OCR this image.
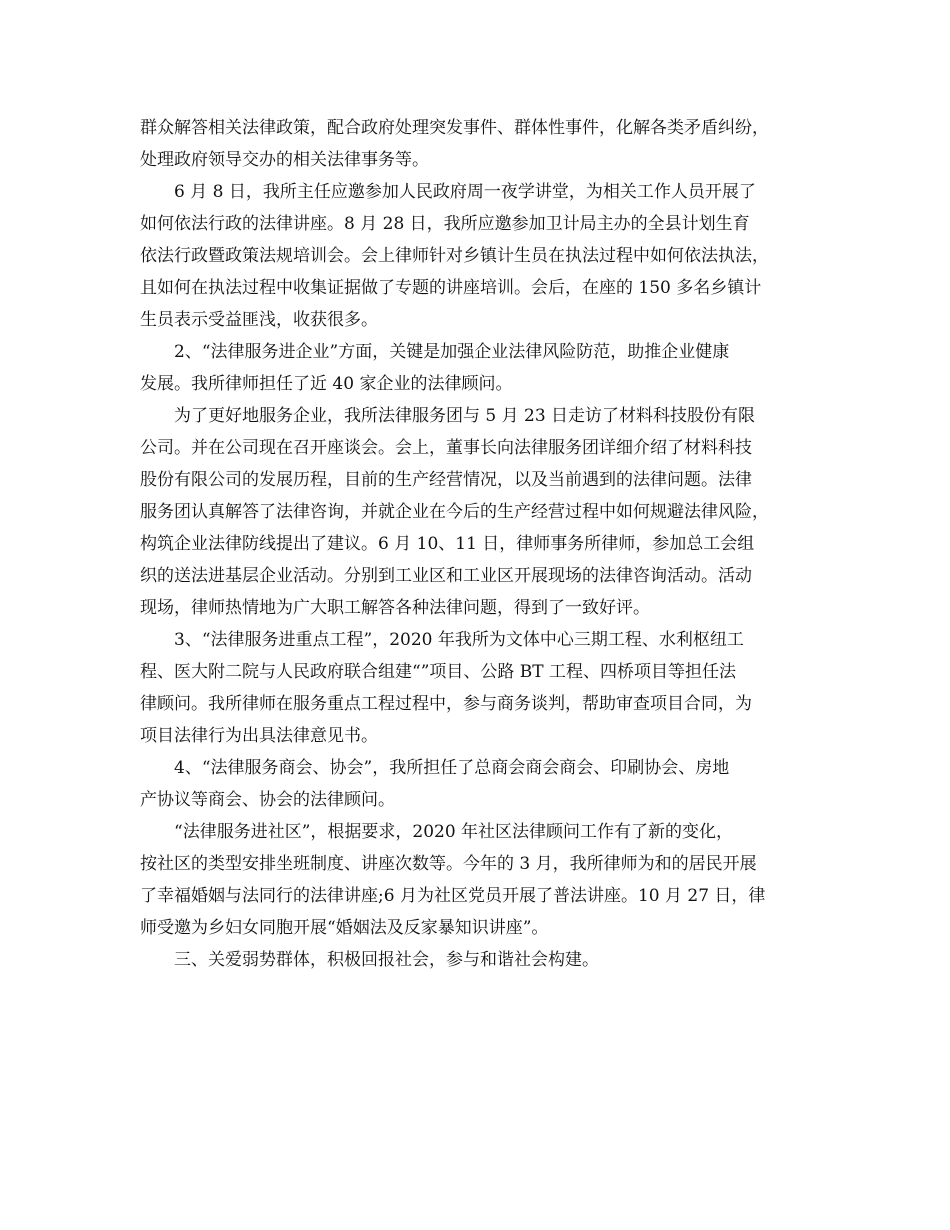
群众解答相关法律政策，配合政府处理突发事件、群体性事件，化解各类矛盾纠纷，
处理政府领导交办的相关法律事务等。
6 月 8 日，我所主任应邀参加人民政府周一夜学讲堂，为相关工作人员开展了
如何依法行政的法律讲座。8 月 28 日，我所应邀参加卫计局主办的全县计划生育
依法行政暨政策法规培训会。会上律师针对乡镇计生员在执法过程中如何依法执法，
且如何在执法过程中收集证据做了专题的讲座培训。会后，在座的 150 多名乡镇计
生员表示受益匪浅，收获很多。
2、“法律服务进企业”方面，关键是加强企业法律风险防范，助推企业健康
发展。我所律师担任了近 40 家企业的法律顾问。
为了更好地服务企业，我所法律服务团与 5 月 23 日走访了材料科技股份有限
公司。并在公司现在召开座谈会。会上，董事长向法律服务团详细介绍了材料科技
股份有限公司的发展历程，目前的生产经营情况，以及当前遇到的法律问题。法律
服务团认真解答了法律咨询，并就企业在今后的生产经营过程中如何规避法律风险，
构筑企业法律防线提出了建议。6 月 10、11 日，律师事务所律师，参加总工会组
织的送法进基层企业活动。分别到工业区和工业区开展现场的法律咨询活动。活动
现场，律师热情地为广大职工解答各种法律问题，得到了一致好评。
3、“法律服务进重点工程”，2020 年我所为文体中心三期工程、水利枢纽工
程、医大附二院与人民政府联合组建“”项目、公路 BT 工程、四桥项目等担任法
律顾问。我所律师在服务重点工程过程中，参与商务谈判，帮助审查项目合同，为
项目法律行为出具法律意见书。
4、“法律服务商会、协会”，我所担任了总商会商会商会、印刷协会、房地
产协议等商会、协会的法律顾问。
“法律服务进社区”，根据要求，2020 年社区法律顾问工作有了新的变化，
按社区的类型安排坐班制度、讲座次数等。今年的 3 月，我所律师为和的居民开展
了幸福婚姻与法同行的法律讲座;6 月为社区党员开展了普法讲座。10 月 27 日，律
师受邀为乡妇女同胞开展“婚姻法及反家暴知识讲座”。
三、关爱弱势群体，积极回报社会，参与和谐社会构建。
